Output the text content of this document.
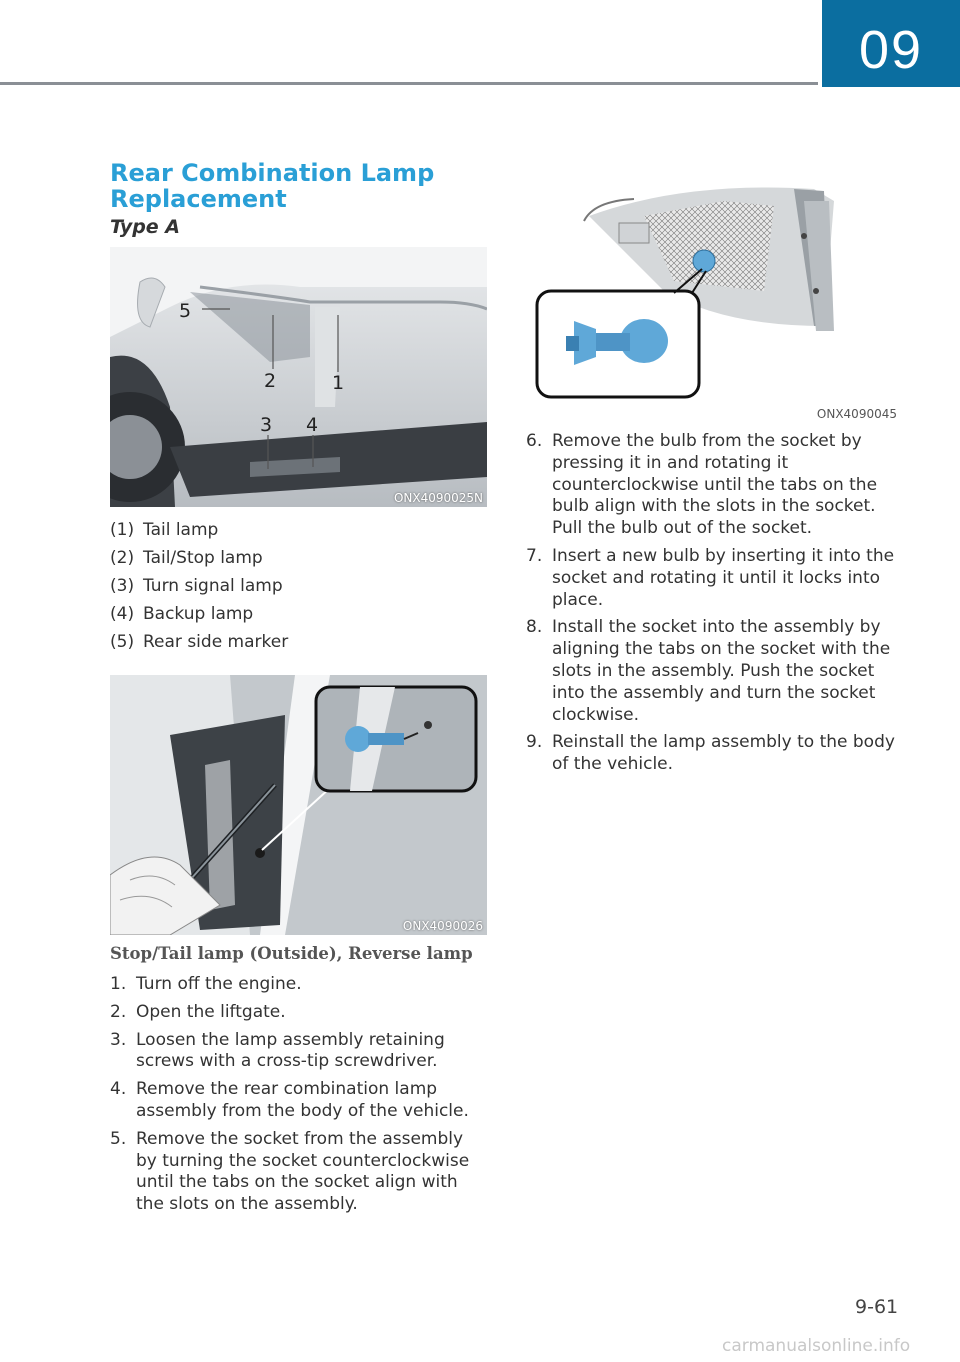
09
Rear Combination Lamp Replacement
Type A
5
2	1
3 4
ONX4090025N
(1) Tail lamp
(2) Tail/Stop lamp
(3) Turn signal lamp
(4) Backup lamp
(5) Rear side marker
ONX4090026
Stop/Tail lamp (Outside), Reverse lamp
1. Turn off the engine.
2. Open the liftgate.
3. Loosen the lamp assembly retaining screws with a cross-tip screwdriver.
4. Remove the rear combination lamp assembly from the body of the vehicle.
5. Remove the socket from the assembly by turning the socket counterclockwise until the tabs on the socket align with the slots on the assembly.
ONX4090045
6. Remove the bulb from the socket by pressing it in and rotating it counterclockwise until the tabs on the bulb align with the slots in the socket. Pull the bulb out of the socket.
7. Insert a new bulb by inserting it into the socket and rotating it until it locks into place.
8. Install the socket into the assembly by aligning the tabs on the socket with the slots in the assembly. Push the socket into the assembly and turn the socket clockwise.
9. Reinstall the lamp assembly to the body of the vehicle.
9-61
carmanualsonline.info
